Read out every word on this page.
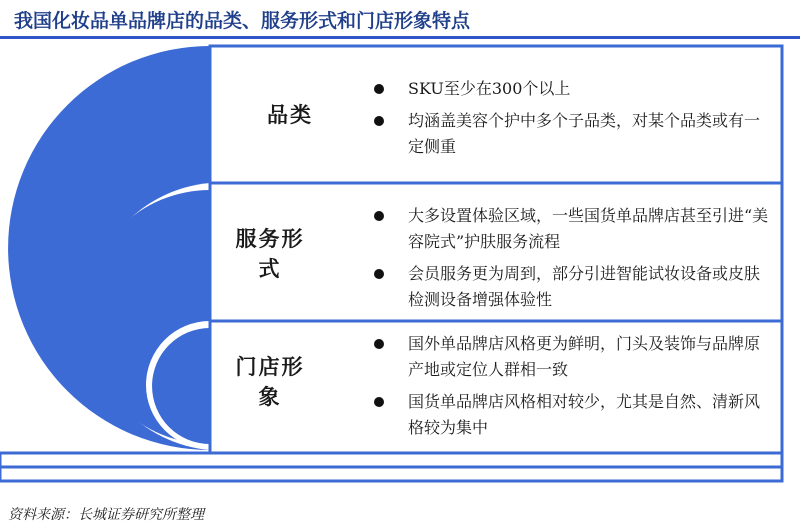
我国化妆品单品牌店的品类、服务形式和门店形象特点
品类
SKU至少在300个以上
均涵盖美容个护中多个子品类，对某个品类或有一定侧重
服务形式
大多设置体验区域，一些国货单品牌店甚至引进“美容院式”护肤服务流程
会员服务更为周到，部分引进智能试妆设备或皮肤检测设备增强体验性
门店形象
国外单品牌店风格更为鲜明，门头及装饰与品牌原产地或定位人群相一致
国货单品牌店风格相对较少，尤其是自然、清新风格较为集中
资料来源：长城证券研究所整理
